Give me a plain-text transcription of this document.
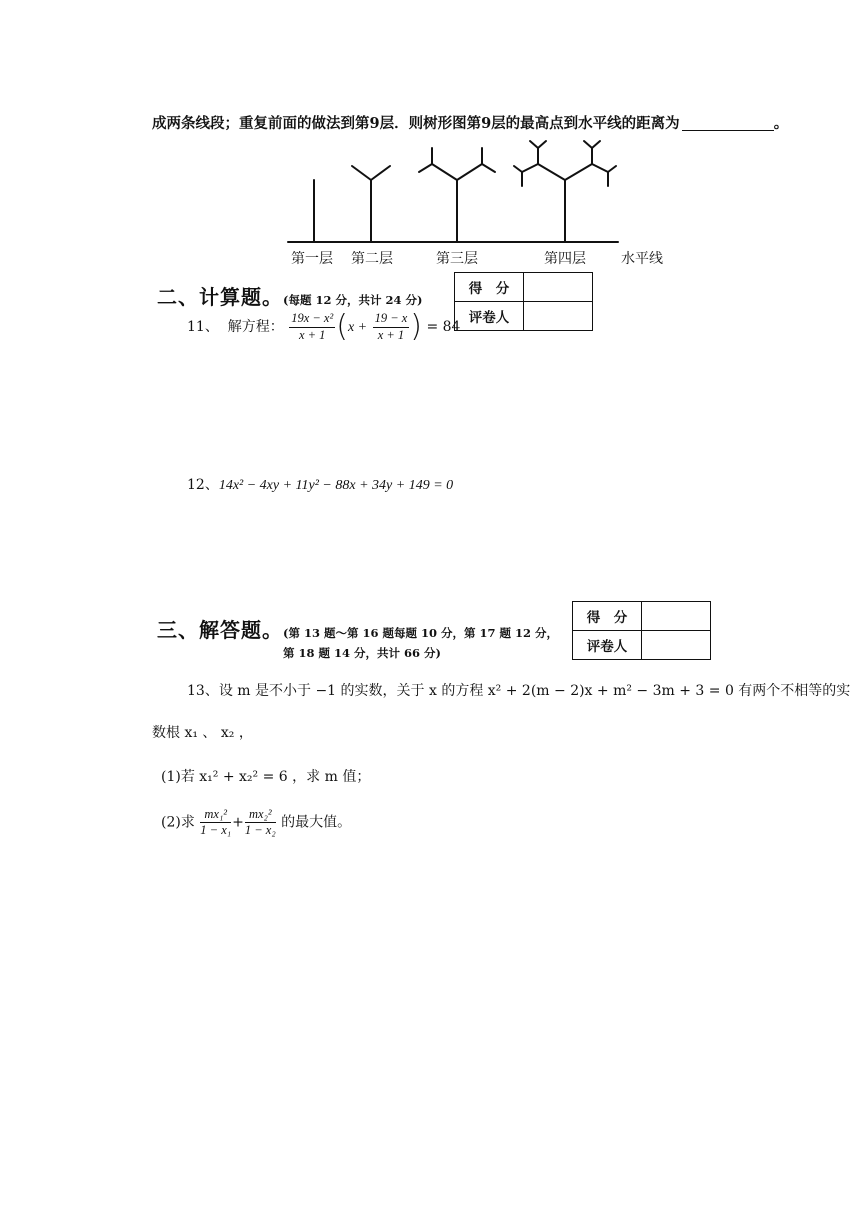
成两条线段；重复前面的做法到第9层．则树形图第9层的最高点到水平线的距离为	。
第一层 第二层	第三层	第四层	水平线
二、计算题。(每题 12 分，共计 24 分)
得　分	
评卷人	
11、 解方程： $\frac{\text{19x − x²}}{x + 1} (x + \frac{19 - x}{x + 1}$ ) = 84
12、14x² − 4xy + 11y² − 88x + 34y + 149 = 0
三、解答题。(第 13 题～第 16 题每题 10 分，第 17 题 12 分，
第 18 题 14 分，共计 66 分)
得　分	
评卷人	
13、设 m 是不小于 −1 的实数，关于 x 的方程 x² + 2(m − 2)x + m² − 3m + 3 = 0 有两个不相等的实
数根 x₁ 、 x₂ ，
(1)若 x₁² + x₂² = 6 ，求 m 值；
(2)求 $\frac{\text{mx₁²}}{\text{1 − x₁}} + \frac{\text{mx₂²}}{\text{1 − x₂}}$ 的最大值。
